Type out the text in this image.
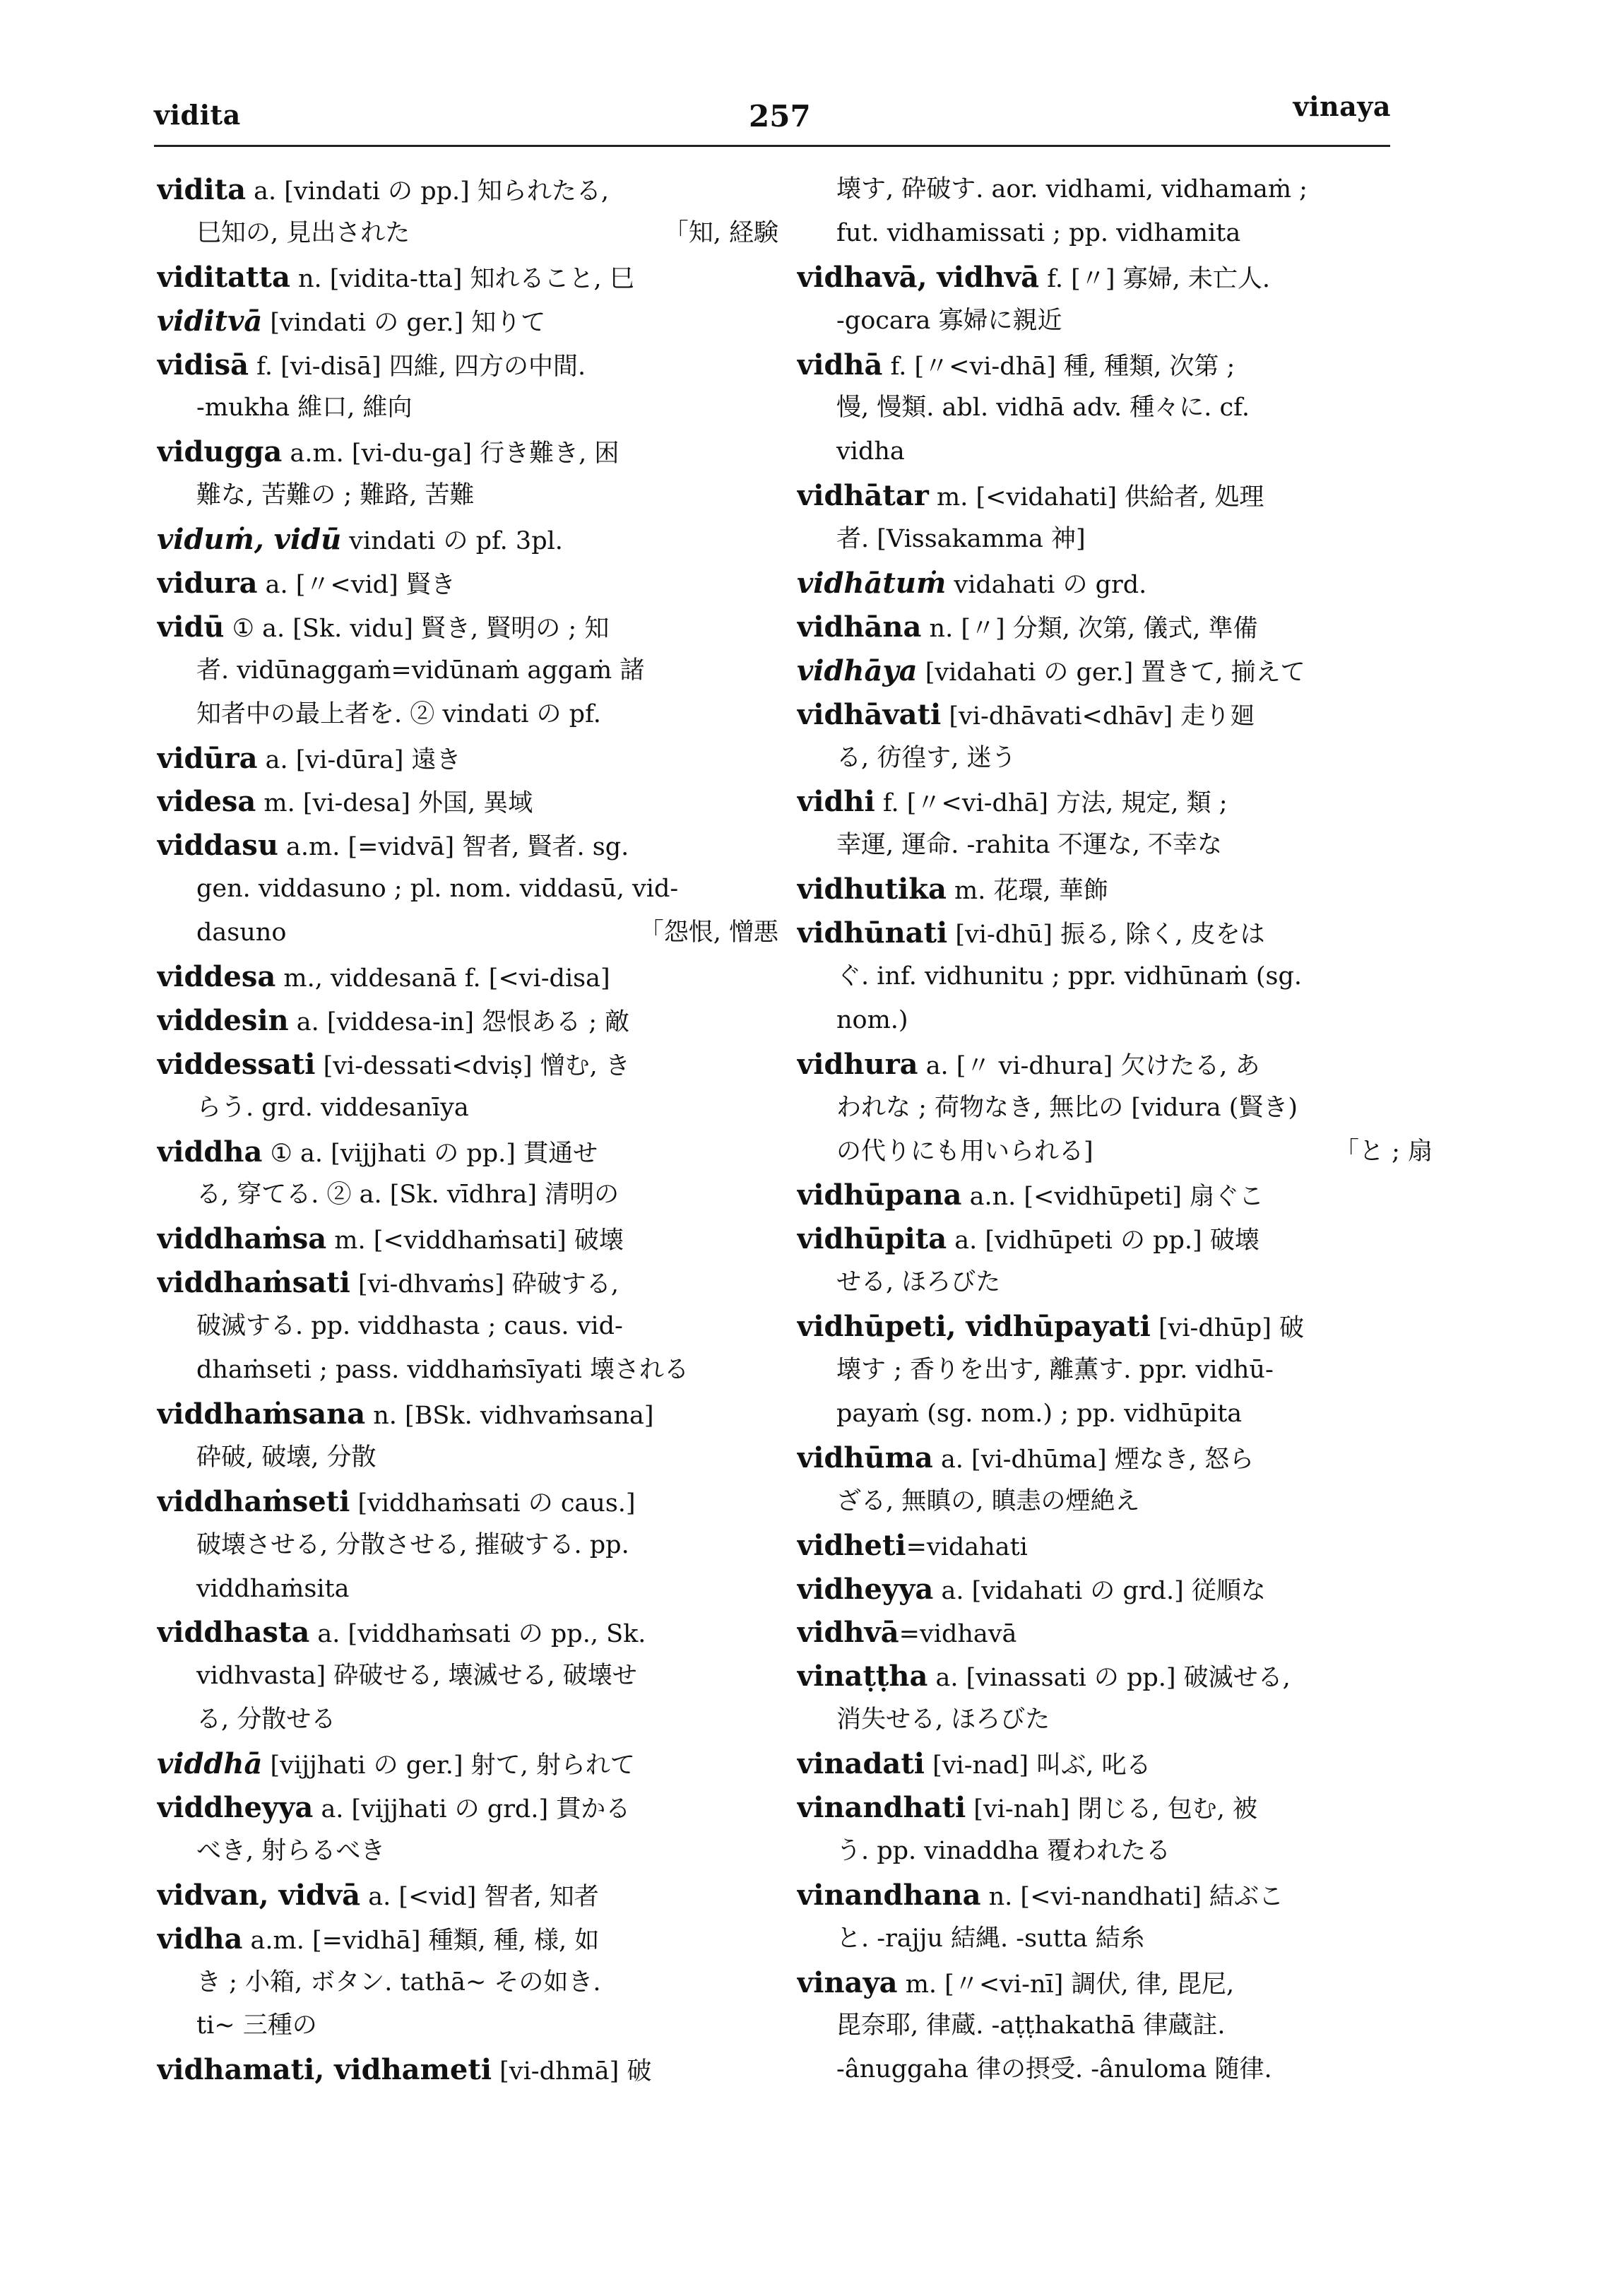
vidita	257	vinaya
vidita a. [vindati の pp.] 知られたる,
巳知の, 見出された	「知, 経験
viditatta n. [vidita-tta] 知れること, 巳
viditvā [vindati の ger.] 知りて
vidisā f. [vi-disā] 四維, 四方の中間.
-mukha 維口, 維向
vidugga a.m. [vi-du-ga] 行き難き, 困
難な, 苦難の ; 難路, 苦難
viduṁ, vidū vindati の pf. 3pl.
vidura a. [〃<vid] 賢き
vidū ① a. [Sk. vidu] 賢き, 賢明の ; 知
者. vidūnaggaṁ=vidūnaṁ aggaṁ 諸
知者中の最上者を. ② vindati の pf.
vidūra a. [vi-dūra] 遠き
videsa m. [vi-desa] 外国, 異域
viddasu a.m. [=vidvā] 智者, 賢者. sg.
gen. viddasuno ; pl. nom. viddasū, vid-
dasuno	「怨恨, 憎悪
viddesa m., viddesanā f. [<vi-disa]
viddesin a. [viddesa-in] 怨恨ある ; 敵
viddessati [vi-dessati<dviṣ] 憎む, き
らう. grd. viddesanīya
viddha ① a. [vijjhati の pp.] 貫通せ
る, 穿てる. ② a. [Sk. vīdhra] 清明の
viddhaṁsa m. [<viddhaṁsati] 破壊
viddhaṁsati [vi-dhvaṁs] 砕破する,
破滅する. pp. viddhasta ; caus. vid-
dhaṁseti ; pass. viddhaṁsīyati 壊される
viddhaṁsana n. [BSk. vidhvaṁsana]
砕破, 破壊, 分散
viddhaṁseti [viddhaṁsati の caus.]
破壊させる, 分散させる, 摧破する. pp.
viddhaṁsita
viddhasta a. [viddhaṁsati の pp., Sk.
vidhvasta] 砕破せる, 壊滅せる, 破壊せ
る, 分散せる
viddhā [vijjhati の ger.] 射て, 射られて
viddheyya a. [vijjhati の grd.] 貫かる
べき, 射らるべき
vidvan, vidvā a. [<vid] 智者, 知者
vidha a.m. [=vidhā] 種類, 種, 様, 如
き ; 小箱, ボタン. tathā~ その如き.
ti~ 三種の
vidhamati, vidhameti [vi-dhmā] 破
壊す, 砕破す. aor. vidhami, vidhamaṁ ;
fut. vidhamissati ; pp. vidhamita
vidhavā, vidhvā f. [〃] 寡婦, 未亡人.
-gocara 寡婦に親近
vidhā f. [〃<vi-dhā] 種, 種類, 次第 ;
慢, 慢類. abl. vidhā adv. 種々に. cf.
vidha
vidhātar m. [<vidahati] 供給者, 処理
者. [Vissakamma 神]
vidhātuṁ vidahati の grd.
vidhāna n. [〃] 分類, 次第, 儀式, 準備
vidhāya [vidahati の ger.] 置きて, 揃えて
vidhāvati [vi-dhāvati<dhāv] 走り廻
る, 彷徨す, 迷う
vidhi f. [〃<vi-dhā] 方法, 規定, 類 ;
幸運, 運命. -rahita 不運な, 不幸な
vidhutika m. 花環, 華飾
vidhūnati [vi-dhū] 振る, 除く, 皮をは
ぐ. inf. vidhunitu ; ppr. vidhūnaṁ (sg.
nom.)
vidhura a. [〃 vi-dhura] 欠けたる, あ
われな ; 荷物なき, 無比の [vidura (賢き)
の代りにも用いられる]	「と ; 扇
vidhūpana a.n. [<vidhūpeti] 扇ぐこ
vidhūpita a. [vidhūpeti の pp.] 破壊
せる, ほろびた
vidhūpeti, vidhūpayati [vi-dhūp] 破
壊す ; 香りを出す, 離薫す. ppr. vidhū-
payaṁ (sg. nom.) ; pp. vidhūpita
vidhūma a. [vi-dhūma] 煙なき, 怒ら
ざる, 無瞋の, 瞋恚の煙絶え
vidheti=vidahati
vidheyya a. [vidahati の grd.] 従順な
vidhvā=vidhavā
vinaṭṭha a. [vinassati の pp.] 破滅せる,
消失せる, ほろびた
vinadati [vi-nad] 叫ぶ, 叱る
vinandhati [vi-nah] 閉じる, 包む, 被
う. pp. vinaddha 覆われたる
vinandhana n. [<vi-nandhati] 結ぶこ
と. -rajju 結縄. -sutta 結糸
vinaya m. [〃<vi-nī] 調伏, 律, 毘尼,
毘奈耶, 律蔵. -aṭṭhakathā 律蔵註.
-ânuggaha 律の摂受. -ânuloma 随律.
